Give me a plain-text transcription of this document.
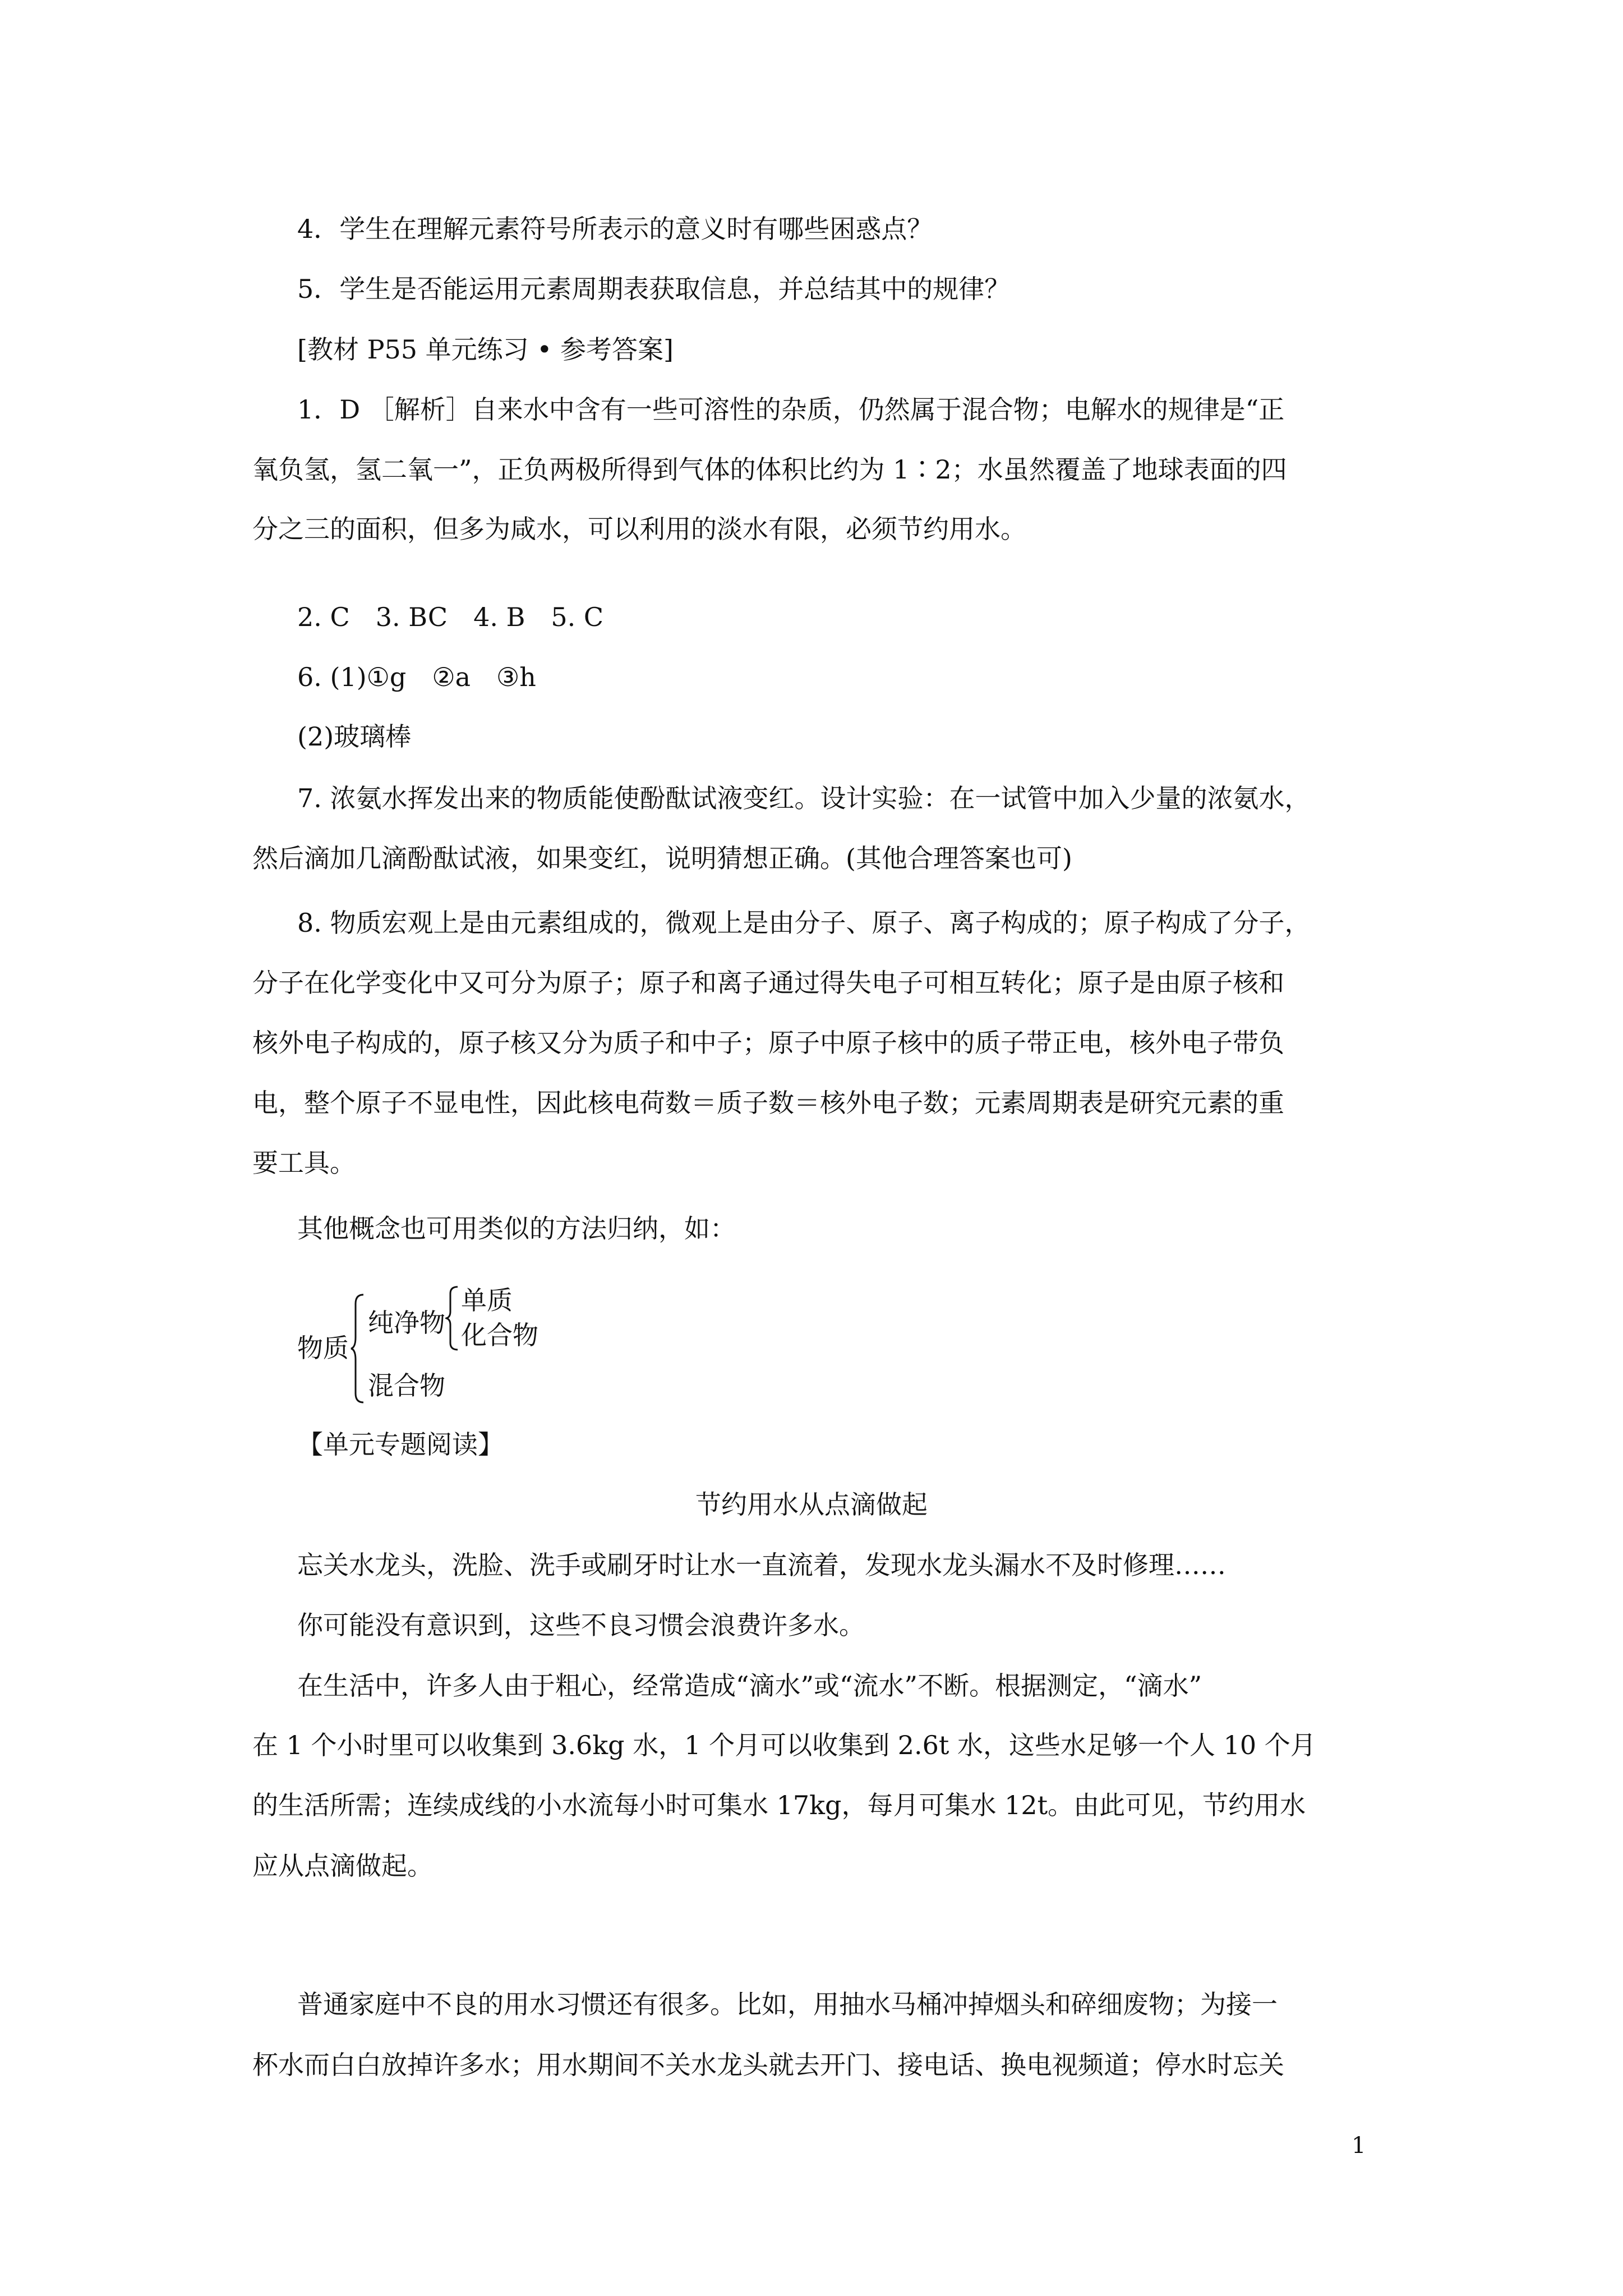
4．学生在理解元素符号所表示的意义时有哪些困惑点？
5．学生是否能运用元素周期表获取信息，并总结其中的规律？
[教材 P55 单元练习 • 参考答案]
1．D ［解析］自来水中含有一些可溶性的杂质，仍然属于混合物；电解水的规律是“正
氧负氢，氢二氧一”，正负两极所得到气体的体积比约为 1∶2；水虽然覆盖了地球表面的四
分之三的面积，但多为咸水，可以利用的淡水有限，必须节约用水。
2. C　3. BC　4. B　5. C
6. (1)①g　②a　③h
(2)玻璃棒
7. 浓氨水挥发出来的物质能使酚酞试液变红。设计实验：在一试管中加入少量的浓氨水，
然后滴加几滴酚酞试液，如果变红，说明猜想正确。(其他合理答案也可)
8. 物质宏观上是由元素组成的，微观上是由分子、原子、离子构成的；原子构成了分子，
分子在化学变化中又可分为原子；原子和离子通过得失电子可相互转化；原子是由原子核和
核外电子构成的，原子核又分为质子和中子；原子中原子核中的质子带正电，核外电子带负
电，整个原子不显电性，因此核电荷数＝质子数＝核外电子数；元素周期表是研究元素的重
要工具。
其他概念也可用类似的方法归纳，如：
物质
纯净物
单质
化合物
混合物
【单元专题阅读】
节约用水从点滴做起
忘关水龙头，洗脸、洗手或刷牙时让水一直流着，发现水龙头漏水不及时修理……
你可能没有意识到，这些不良习惯会浪费许多水。
在生活中，许多人由于粗心，经常造成“滴水”或“流水”不断。根据测定，“滴水”
在 1 个小时里可以收集到 3.6kg 水，1 个月可以收集到 2.6t 水，这些水足够一个人 10 个月
的生活所需；连续成线的小水流每小时可集水 17kg，每月可集水 12t。由此可见，节约用水
应从点滴做起。
普通家庭中不良的用水习惯还有很多。比如，用抽水马桶冲掉烟头和碎细废物；为接一
杯水而白白放掉许多水；用水期间不关水龙头就去开门、接电话、换电视频道；停水时忘关
1
